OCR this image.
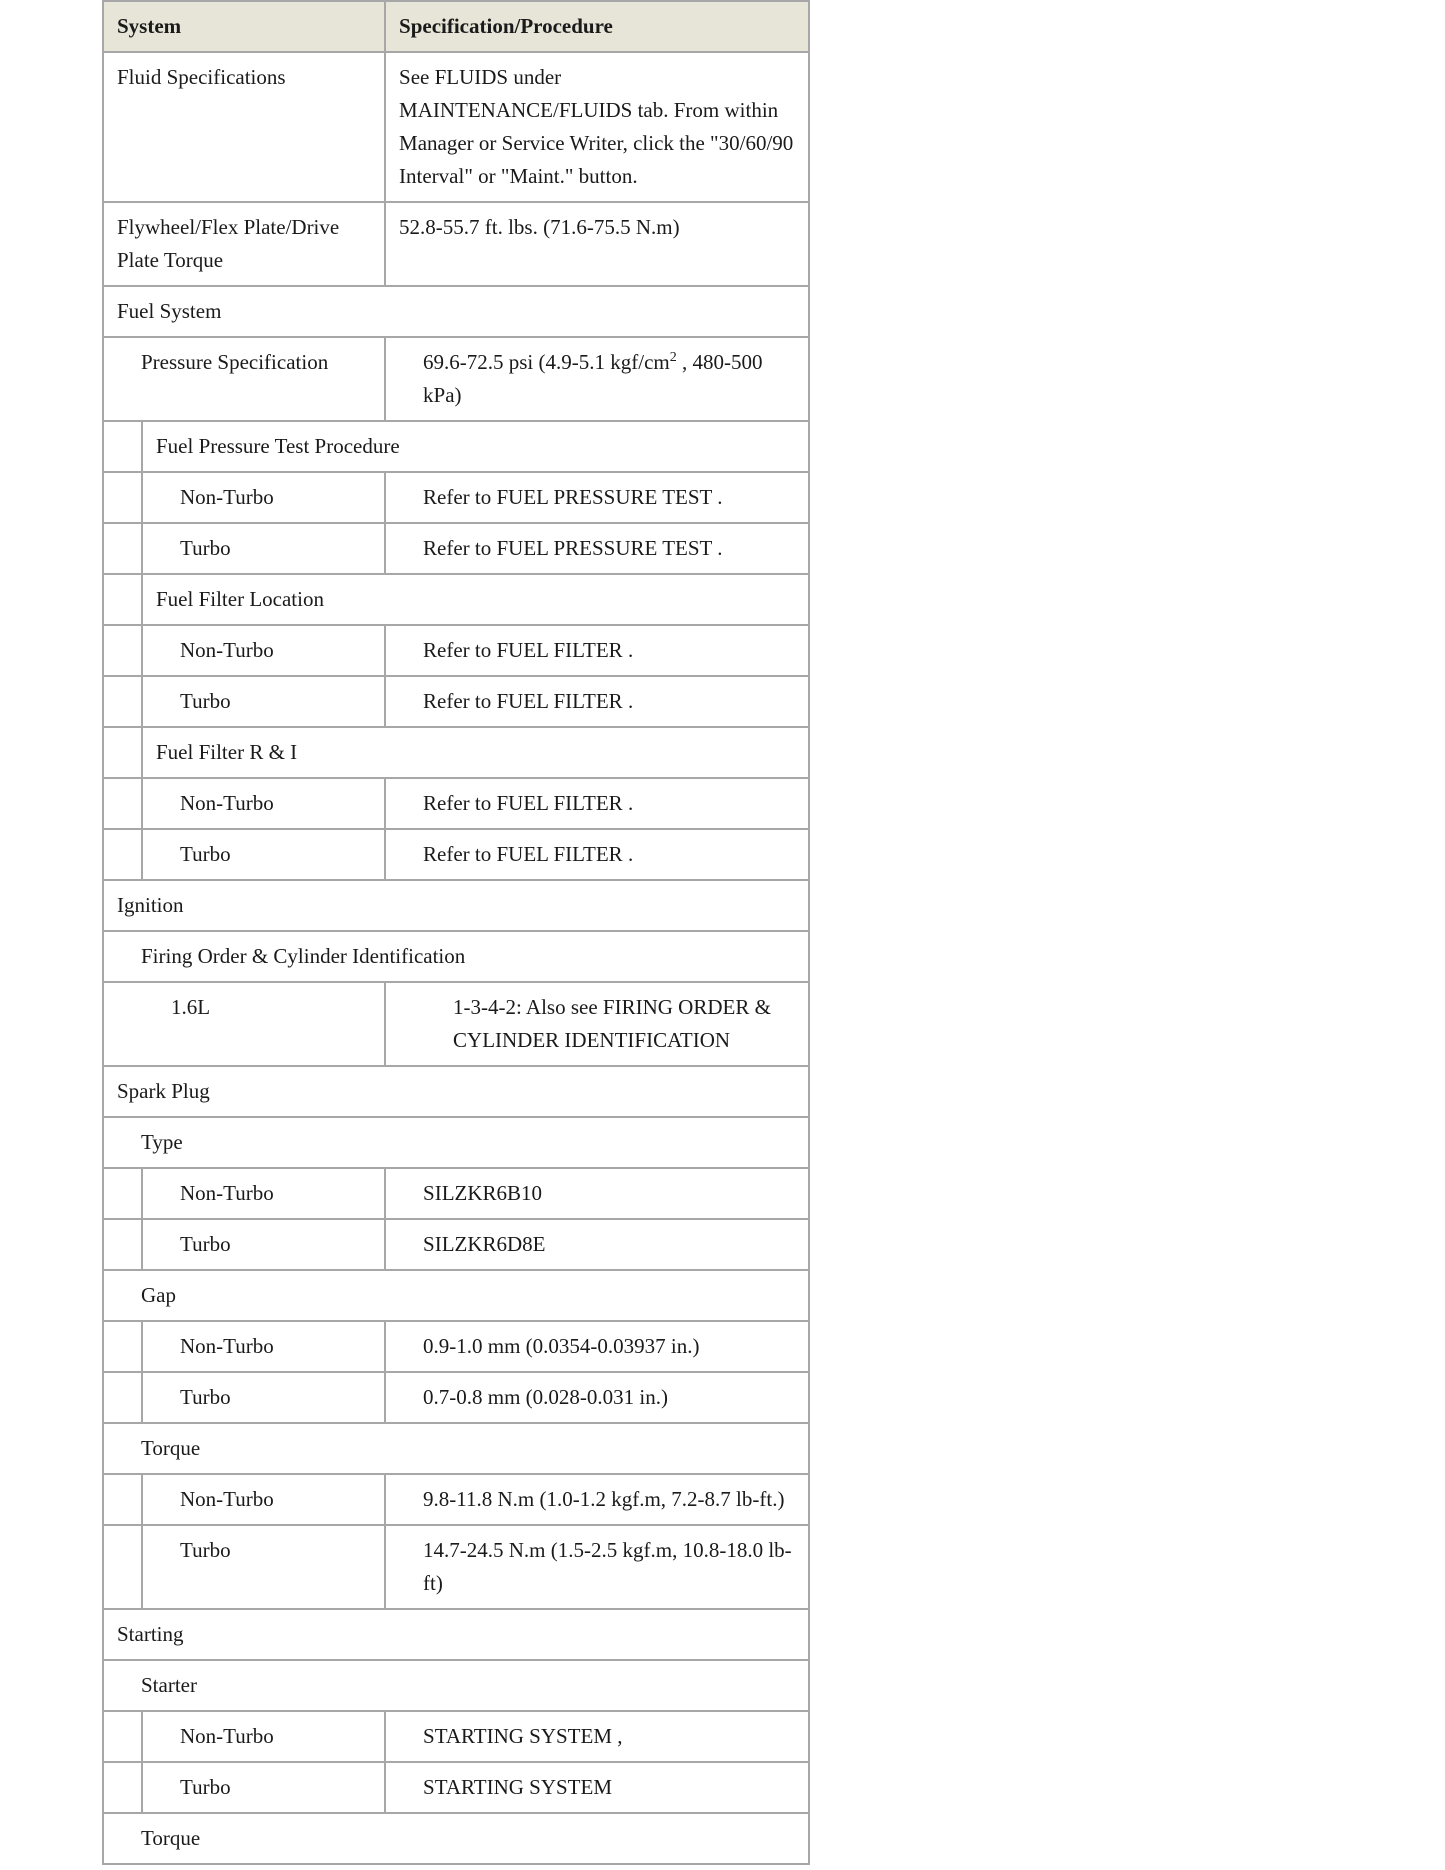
System		Specification/Procedure

Fluid Specifications		See FLUIDS under MAINTENANCE/FLUIDS tab. From within Manager or Service Writer, click the "30/60/90 Interval" or "Maint." button.

Flywheel/Flex Plate/Drive Plate Torque		52.8-55.7 ft. lbs. (71.6-75.5 N.m)

Fuel System		

Pressure Specification		69.6-72.5 psi (4.9-5.1 kgf/$cm^2$ , 480-500 kPa)

	Fuel Pressure Test Procedure	

	Non-Turbo	Refer to FUEL PRESSURE TEST .

	Turbo	Refer to FUEL PRESSURE TEST .

	Fuel Filter Location	

	Non-Turbo	Refer to FUEL FILTER .

	Turbo	Refer to FUEL FILTER .

	Fuel Filter R & I	

	Non-Turbo	Refer to FUEL FILTER .

	Turbo	Refer to FUEL FILTER .

Ignition		

Firing Order & Cylinder Identification		

1.6L		1-3-4-2: Also see FIRING ORDER & CYLINDER IDENTIFICATION

Spark Plug		

Type		

	Non-Turbo	SILZKR6B10

	Turbo	SILZKR6D8E

Gap		

	Non-Turbo	0.9-1.0 mm (0.0354-0.03937 in.)

	Turbo	0.7-0.8 mm (0.028-0.031 in.)

Torque		

	Non-Turbo	9.8-11.8 N.m (1.0-1.2 kgf.m, 7.2-8.7 lb-ft.)

	Turbo	14.7-24.5 N.m (1.5-2.5 kgf.m, 10.8-18.0 lb-ft)

Starting		

Starter		

	Non-Turbo	STARTING SYSTEM ,

	Turbo	STARTING SYSTEM

Torque		
